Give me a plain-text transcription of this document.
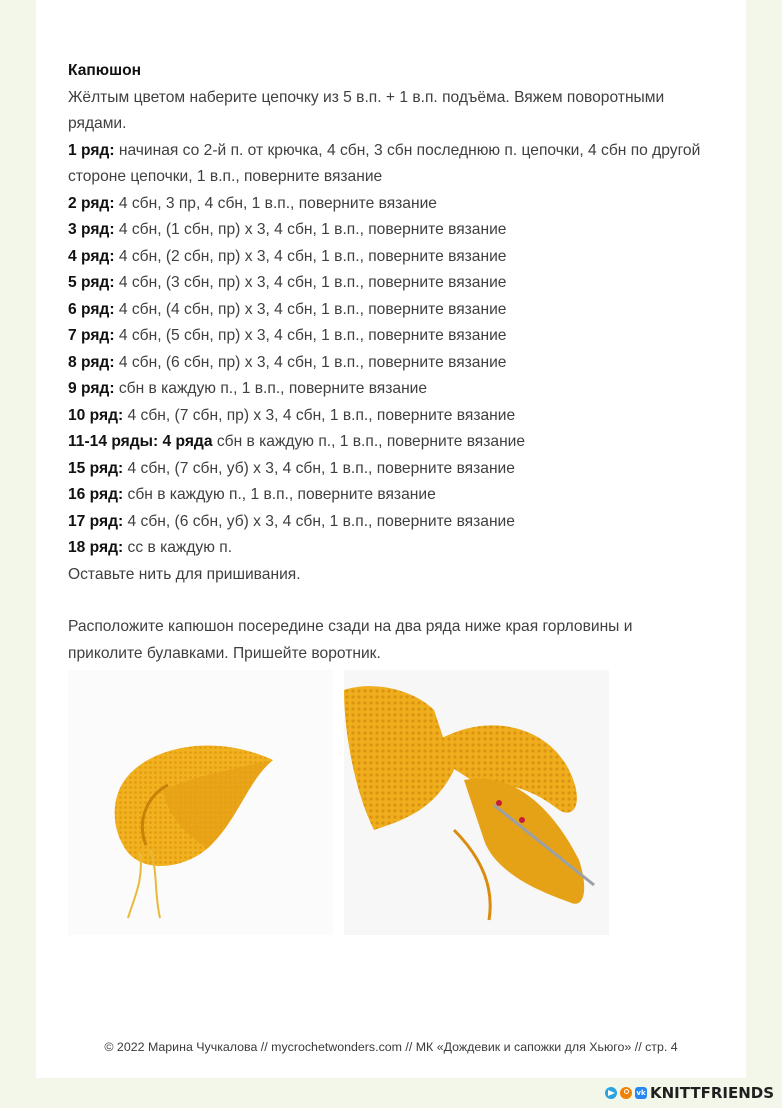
Капюшон

Жёлтым цветом наберите цепочку из 5 в.п. + 1 в.п. подъёма. Вяжем поворотными рядами.

1 ряд: начиная со 2-й п. от крючка, 4 сбн, 3 сбн последнюю п. цепочки, 4 сбн по другой стороне цепочки, 1 в.п., поверните вязание
2 ряд: 4 сбн, 3 пр, 4 сбн, 1 в.п., поверните вязание
3 ряд: 4 сбн, (1 сбн, пр) х 3, 4 сбн, 1 в.п., поверните вязание
4 ряд: 4 сбн, (2 сбн, пр) х 3, 4 сбн, 1 в.п., поверните вязание
5 ряд: 4 сбн, (3 сбн, пр) х 3, 4 сбн, 1 в.п., поверните вязание
6 ряд: 4 сбн, (4 сбн, пр) х 3, 4 сбн, 1 в.п., поверните вязание
7 ряд: 4 сбн, (5 сбн, пр) х 3, 4 сбн, 1 в.п., поверните вязание
8 ряд: 4 сбн, (6 сбн, пр) х 3, 4 сбн, 1 в.п., поверните вязание
9 ряд: сбн в каждую п., 1 в.п., поверните вязание
10 ряд: 4 сбн, (7 сбн, пр) х 3, 4 сбн, 1 в.п., поверните вязание
11-14 ряды: 4 ряда сбн в каждую п., 1 в.п., поверните вязание
15 ряд: 4 сбн, (7 сбн, уб) х 3, 4 сбн, 1 в.п., поверните вязание
16 ряд: сбн в каждую п., 1 в.п., поверните вязание
17 ряд: 4 сбн, (6 сбн, уб) х 3, 4 сбн, 1 в.п., поверните вязание
18 ряд: сс в каждую п.

Оставьте нить для пришивания.

Расположите капюшон посередине сзади на два ряда ниже края горловины и приколите булавками. Пришейте воротник.

© 2022 Марина Чучкалова // mycrochetwonders.com // МК «Дождевик и сапожки для Хьюго» // стр. 4
vk KNITTFRIENDS
